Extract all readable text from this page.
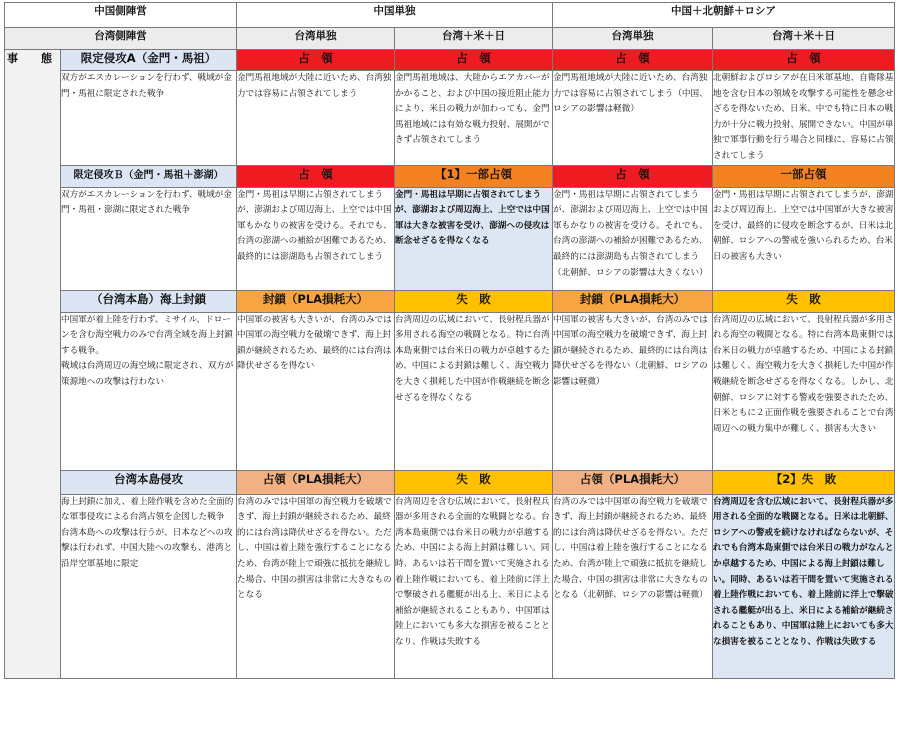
中国側陣営		中国単独		中国＋北朝鮮＋ロシア	
台湾側陣営		台湾単独	台湾＋米＋日	台湾単独	台湾＋米＋日
事　態	限定侵攻A（金門・馬祖）	占　領	占　領	占　領	占　領
	双方がエスカレーションを行わず、戦域が金門・馬祖に限定された戦争	金門馬祖地域が大陸に近いため、台湾独力では容易に占領されてしまう	金門馬祖地域は、大陸からエアカバーがかかること、および中国の接近阻止能力により、米日の戦力が加わっても、金門馬祖地域には有効な戦力投射、展開ができず占領されてしまう	金門馬祖地域が大陸に近いため、台湾独力では容易に占領されてしまう（中国、ロシアの影響は軽微）	北朝鮮およびロシアが在日米軍基地、自衛隊基地を含む日本の領域を攻撃する可能性を懸念せざるを得ないため、日米、中でも特に日本の戦力が十分に戦力投射、展開できない。中国が単独で軍事行動を行う場合と同様に、容易に占領されてしまう
	限定侵攻Ｂ（金門・馬祖＋澎湖）	占　領	【1】一部占領	占　領	一部占領
	双方がエスカレーションを行わず、戦域が金門・馬祖・澎湖に限定された戦争	金門・馬祖は早期に占領されてしまうが、澎湖および周辺海上、上空では中国軍もかなりの被害を受ける。それでも、台湾の澎湖への補給が困難であるため、最終的には澎湖島も占領されてしまう	金門・馬祖は早期に占領されてしまうが、澎湖および周辺海上、上空では中国軍は大きな被害を受け、澎湖への侵攻は断念せざるを得なくなる	金門・馬祖は早期に占領されてしまうが、澎湖および周辺海上、上空では中国軍もかなりの被害を受ける。それでも、台湾の澎湖への補給が困難であるため、最終的には澎湖島も占領されてしまう（北朝鮮、ロシアの影響は大きくない）	金門・馬祖は早期に占領されてしまうが、澎湖および周辺海上、上空では中国軍が大きな被害を受け、最終的に侵攻を断念するが、日米は北朝鮮、ロシアへの警戒を強いられるため、台米日の被害も大きい
	（台湾本島）海上封鎖	封鎖（PLA損耗大）	失　敗	封鎖（PLA損耗大）	失　敗
	中国軍が着上陸を行わず、ミサイル、ドローンを含む海空戦力のみで台湾全域を海上封鎖する戦争。
戦域は台湾周辺の海空域に限定され、双方が策源地への攻撃は行わない	中国軍の被害も大きいが、台湾のみでは中国軍の海空戦力を破壊できず、海上封鎖が継続されるため、最終的には台湾は降伏せざるを得ない	台湾周辺の広域において、長射程兵器が多用される海空の戦闘となる。特に台湾本島東側では台米日の戦力が卓越するため、中国による封鎖は難しく、海空戦力を大きく損耗した中国が作戦継続を断念せざるを得なくなる	中国軍の被害も大きいが、台湾のみでは中国軍の海空戦力を破壊できず、海上封鎖が継続されるため、最終的には台湾は降伏せざるを得ない（北朝鮮、ロシアの影響は軽微）	台湾周辺の広域において、長射程兵器が多用される海空の戦闘となる。特に台湾本島東側では台米日の戦力が卓越するため、中国による封鎖は難しく、海空戦力を大きく損耗した中国が作戦継続を断念せざるを得なくなる。しかし、北朝鮮、ロシアに対する警戒を強要されたため、日米ともに２正面作戦を強要されることで台湾周辺への戦力集中が難しく、損害も大きい
	台湾本島侵攻	占領（PLA損耗大）	失　敗	占領（PLA損耗大）	【2】失　敗
	海上封鎖に加え、着上陸作戦を含めた全面的な軍事侵攻による台湾占領を企図した戦争
台湾本島への攻撃は行うが、日本などへの攻撃は行われず、中国大陸への攻撃も、港湾と沿岸空軍基地に限定	台湾のみでは中国軍の海空戦力を破壊できず、海上封鎖が継続されるため、最終的には台湾は降伏せざるを得ない。ただし、中国は着上陸を強行することになるため、台湾が陸上で頑強に抵抗を継続した場合、中国の損害は非常に大きなものとなる	台湾周辺を含む広域において、長射程兵器が多用される全面的な戦闘となる。台湾本島東側では台米日の戦力が卓越するため、中国による海上封鎖は難しい。同時、あるいは若干間を置いて実施される着上陸作戦においても、着上陸前に洋上で撃破される艦艇が出る上、米日による補給が継続されることもあり、中国軍は陸上においても多大な損害を被ることとなり、作戦は失敗する	台湾のみでは中国軍の海空戦力を破壊できず、海上封鎖が継続されるため、最終的には台湾は降伏せざるを得ない。ただし、中国は着上陸を強行することになるため、台湾が陸上で頑強に抵抗を継続した場合、中国の損害は非常に大きなものとなる（北朝鮮、ロシアの影響は軽微）	台湾周辺を含む広域において、長射程兵器が多用される全面的な戦闘となる。日米は北朝鮮、ロシアへの警戒を続けなければならないが、それでも台湾本島東側では台米日の戦力がなんとか卓越するため、中国による海上封鎖は難しい。同時、あるいは若干間を置いて実施される着上陸作戦においても、着上陸前に洋上で撃破される艦艇が出る上、米日による補給が継続されることもあり、中国軍は陸上においても多大な損害を被ることとなり、作戦は失敗する
